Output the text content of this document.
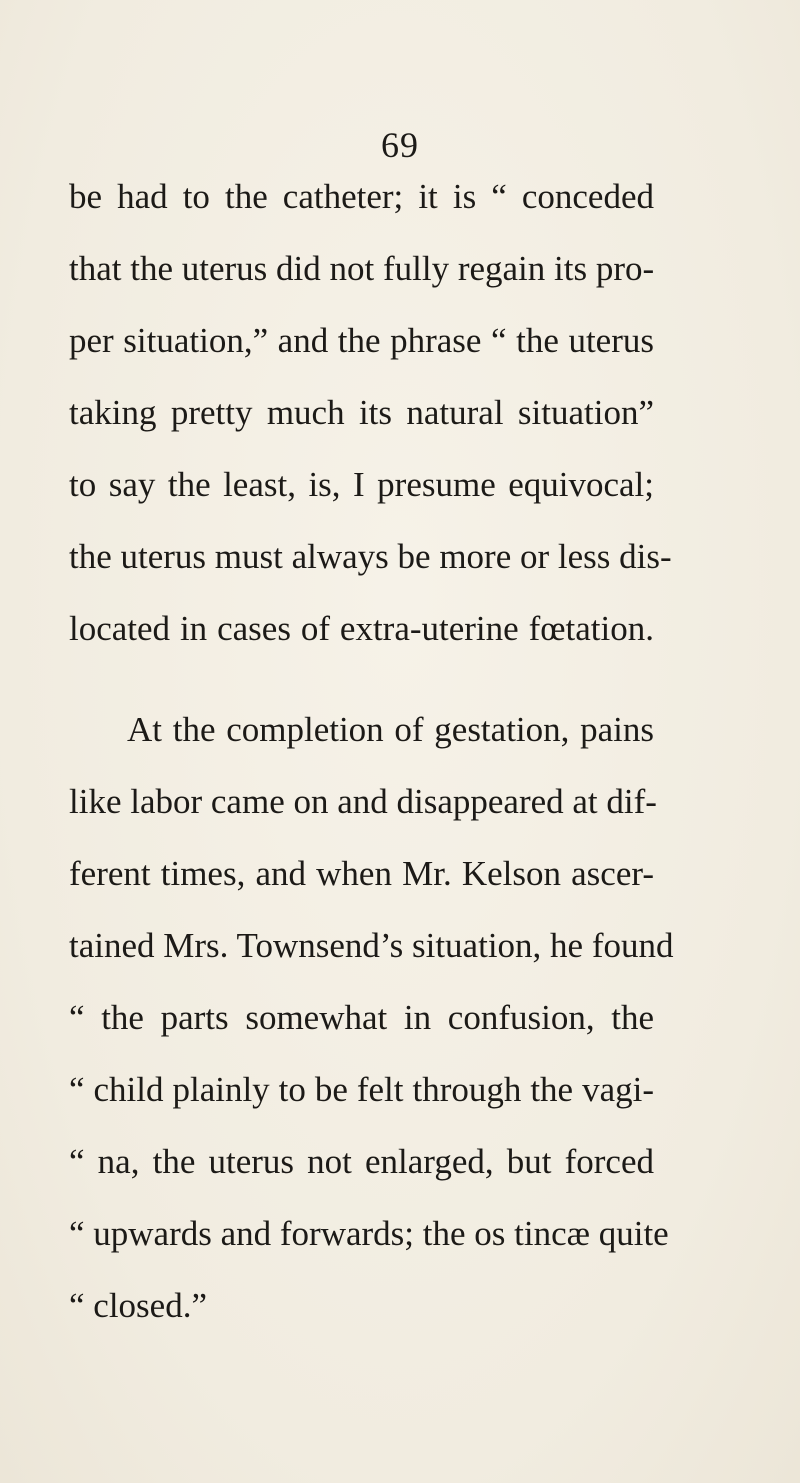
69
be had to the catheter; it is “ conceded
that the uterus did not fully regain its pro-
per situation,” and the phrase “ the uterus
taking pretty much its natural situation”
to say the least, is, I presume equivocal;
the uterus must always be more or less dis-
located in cases of extra-uterine fœtation.
At the completion of gestation, pains
like labor came on and disappeared at dif-
ferent times, and when Mr. Kelson ascer-
tained Mrs. Townsend’s situation, he found
“ the parts somewhat in confusion, the
“ child plainly to be felt through the vagi-
“ na, the uterus not enlarged, but forced
“ upwards and forwards; the os tincæ quite
“ closed.”
